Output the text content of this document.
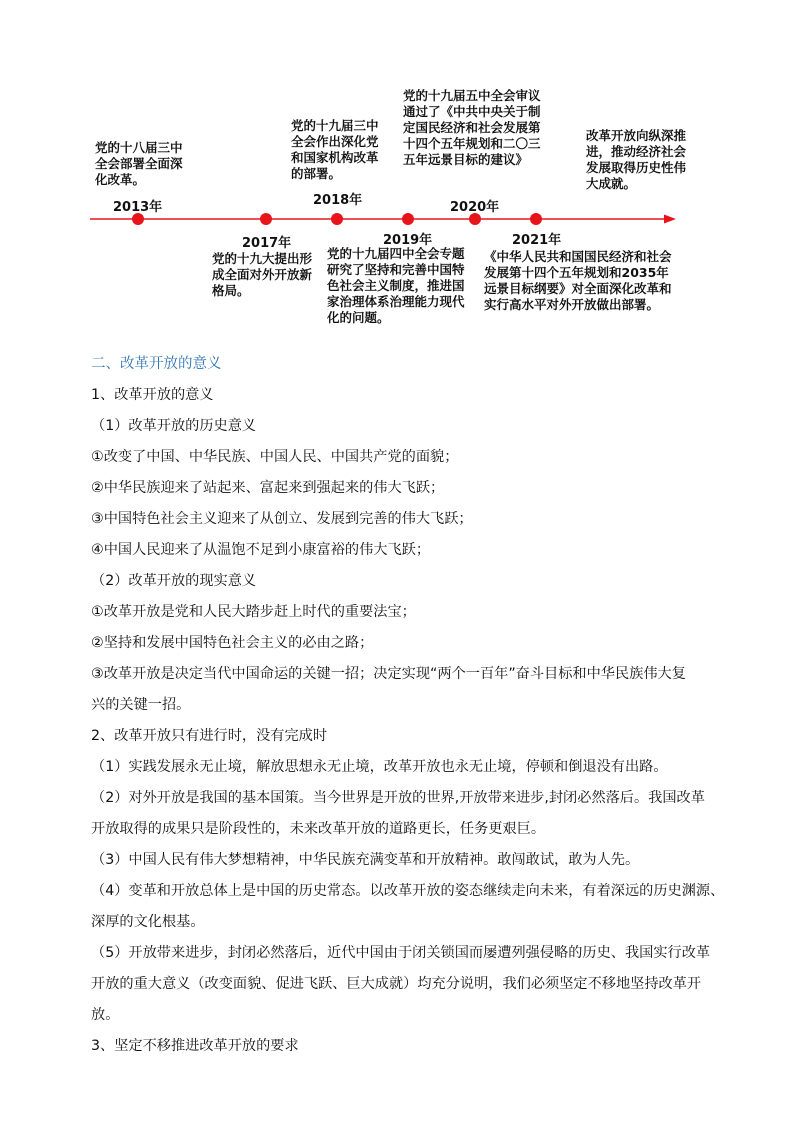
2013年
2017年
2018年
2019年
2020年
2021年
党的十八届三中全会部署全面深化改革。
党的十九大提出形成全面对外开放新格局。
党的十九届三中全会作出深化党和国家机构改革的部署。
党的十九届四中全会专题研究了坚持和完善中国特色社会主义制度，推进国家治理体系治理能力现代化的问题。
党的十九届五中全会审议通过了《中共中央关于制定国民经济和社会发展第十四个五年规划和二〇三五年远景目标的建议》
《中华人民共和国国民经济和社会发展第十四个五年规划和2035年远景目标纲要》对全面深化改革和实行高水平对外开放做出部署。
改革开放向纵深推进，推动经济社会发展取得历史性伟大成就。
二、改革开放的意义

1、改革开放的意义

（1）改革开放的历史意义

①改变了中国、中华民族、中国人民、中国共产党的面貌；

②中华民族迎来了站起来、富起来到强起来的伟大飞跃；

③中国特色社会主义迎来了从创立、发展到完善的伟大飞跃；

④中国人民迎来了从温饱不足到小康富裕的伟大飞跃；

（2）改革开放的现实意义

①改革开放是党和人民大踏步赶上时代的重要法宝；

②坚持和发展中国特色社会主义的必由之路；

③改革开放是决定当代中国命运的关键一招；决定实现“两个一百年”奋斗目标和中华民族伟大复

兴的关键一招。

2、改革开放只有进行时，没有完成时

（1）实践发展永无止境，解放思想永无止境，改革开放也永无止境，停顿和倒退没有出路。

（2）对外开放是我国的基本国策。当今世界是开放的世界,开放带来进步,封闭必然落后。我国改革

开放取得的成果只是阶段性的，未来改革开放的道路更长，任务更艰巨。

（3）中国人民有伟大梦想精神，中华民族充满变革和开放精神。敢闯敢试，敢为人先。

（4）变革和开放总体上是中国的历史常态。以改革开放的姿态继续走向未来，有着深远的历史渊源、

深厚的文化根基。

（5）开放带来进步，封闭必然落后，近代中国由于闭关锁国而屡遭列强侵略的历史、我国实行改革

开放的重大意义（改变面貌、促进飞跃、巨大成就）均充分说明，我们必须坚定不移地坚持改革开

放。

3、坚定不移推进改革开放的要求
